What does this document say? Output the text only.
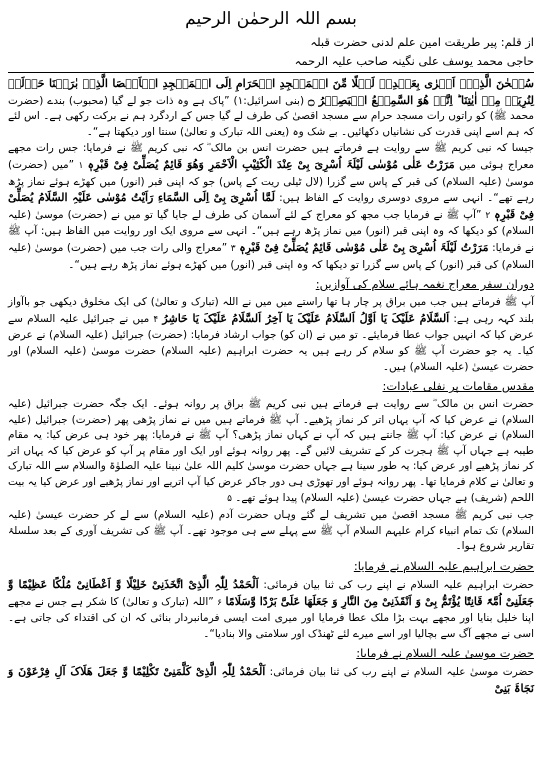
بسم اللہ الرحمٰن الرحیم
از قلم: پیر طریقت امین علم لدنی حضرت قبلہ
حاجی محمد یوسف علی نگینہ صاحب علیہ الرحمہ

سُبۡحٰنَ الَّذِیۡۤ اَسۡرٰی بِعَبۡدِہٖ لَیۡلًا مِّنَ الۡمَسۡجِدِ الۡحَرَامِ اِلَی الۡمَسۡجِدِ الۡاَقۡصَا الَّذِیۡ بٰرَکۡنَا حَوۡلَہٗ لِنُرِیَہٗ مِنۡ اٰیٰتِنَا ؕ اِنَّہٗ هُوَ السَّمِیۡعُ الۡبَصِیۡرُ ۝ (بنی اسرائیل:۱) ”پاک ہے وہ ذات جو لے گیا (محبوب) بندے (حضرت محمد ﷺ) کو راتوں رات مسجد حرام سے مسجد اقصیٰ کی طرف لے گیا جس کے اردگرد ہم نے برکت رکھی ہے۔ اس لئے کہ ہم اسے اپنی قدرت کی نشانیاں دکھائیں۔ بے شک وہ (یعنی اللہ تبارک و تعالیٰ) سنتا اور دیکھتا ہے“۔

جیسا کہ نبی کریم ﷺ سے روایت ہے فرماتے ہیں حضرت انس بن مالک ؓ کہ نبی کریم ﷺ نے فرمایا: جس رات مجھے معراج ہوئی میں مَرَرْتُ عَلٰی مُوْسٰی لَیْلَۃَ اُسْرِیَ بِیْ عِنْدَ الْکَثِیْبِ الْاَحْمَرِ وَھُوَ قَائِمٌ یُصَلِّیْ فِیْ قَبْرِہٖ ۱ ”میں (حضرت) موسیٰ (علیہ السلام) کی قبر کے پاس سے گزرا (لال ٹیلی ریت کے پاس) جو کہ اپنی قبر (انور) میں کھڑے ہوئے نماز پڑھ رہے تھے“۔ انہی سے مروی دوسری روایت کے الفاظ ہیں: لَمَّا اُسْرِیَ بِیْ اِلَی السَّمَاءِ رَاَیْتُ مُوْسٰی عَلَیْہِ السَّلَامُ یُصَلِّیْ فِیْ قَبْرِہٖ ۲ ”آپ ﷺ نے فرمایا جب مجھ کو معراج کے لئے آسمان کی طرف لے جایا گیا تو میں نے (حضرت) موسیٰ (علیہ السلام) کو دیکھا کہ وہ اپنی قبر (انور) میں نماز پڑھ رہے ہیں“۔ انہی سے مروی ایک اور روایت میں الفاظ ہیں: آپ ﷺ نے فرمایا: مَرَرْتُ لَیْلَۃَ اُسْرِیَ بِیْ عَلٰی مُوْسٰی قَائِمٌ یُصَلِّیْ فِیْ قَبْرِہٖ ۳ ”معراج والی رات جب میں (حضرت) موسیٰ (علیہ السلام) کی قبر (انور) کے پاس سے گزرا تو دیکھا کہ وہ اپنی قبر (انور) میں کھڑے ہوئے نماز پڑھ رہے ہیں“۔

دوران سفر معراج نغمہ ہائے سلام کی آوازیں:

آپ ﷺ فرماتے ہیں جب میں براق پر چار ہا تھا راستے میں میں نے اللہ (تبارک و تعالیٰ) کی ایک مخلوق دیکھی جو باآواز بلند کہہ رہی ہے: اَلسَّلَامُ عَلَیْکَ یَا اَوَّلُ اَلسَّلَامُ عَلَیْکَ یَا آخِرُ اَلسَّلَامُ عَلَیْکَ یَا حَاشِرُ ۴ میں نے جبرائیل علیہ السلام سے عرض کیا کہ انہیں جواب عطا فرمایئے۔ تو میں نے (ان کو) جواب ارشاد فرمایا: (حضرت) جبرائیل (علیہ السلام) نے عرض کیا۔ یہ جو حضرت آپ ﷺ کو سلام کر رہے ہیں یہ حضرت ابراہیم (علیہ السلام) حضرت موسیٰ (علیہ السلام) اور حضرت عیسیٰ (علیہ السلام) ہیں۔

مقدس مقامات پر نفلی عبادات:

حضرت انس بن مالک ؓ سے روایت ہے فرماتے ہیں نبی کریم ﷺ براق پر روانہ ہوئے۔ ایک جگہ حضرت جبرائیل (علیہ السلام) نے عرض کیا کہ آپ یہاں اتر کر نماز پڑھیے۔ آپ ﷺ فرماتے ہیں میں نے نماز پڑھی پھر (حضرت) جبرائیل (علیہ السلام) نے عرض کیا: آپ ﷺ جانتے ہیں کہ آپ نے کہاں نماز پڑھی؟ آپ ﷺ نے فرمایا: پھر خود ہی عرض کیا: یہ مقام طیبہ ہے جہاں آپ ﷺ ہجرت کر کے تشریف لائیں گے۔ پھر روانہ ہوئے اور ایک اور مقام پر آپ کو عرض کیا کہ یہاں اتر کر نماز پڑھیے اور عرض کیا: یہ طور سینا ہے جہاں حضرت موسیٰ کلیم اللہ علیٰ نبینا علیہ الصلوٰۃ والسلام سے اللہ تبارک و تعالیٰ نے کلام فرمایا تھا۔ پھر روانہ ہوئے اور تھوڑی ہی دور جاکر عرض کیا آپ اتریے اور نماز پڑھیے اور عرض کیا یہ بیت اللحم (شریف) ہے جہاں حضرت عیسیٰ (علیہ السلام) پیدا ہوئے تھے۔ ۵

جب نبی کریم ﷺ مسجد اقصیٰ میں تشریف لے گئے وہاں حضرت آدم (علیہ السلام) سے لے کر حضرت عیسیٰ (علیہ السلام) تک تمام انبیاء کرام علیہم السلام آپ ﷺ سے پہلے سے ہی موجود تھے۔ آپ ﷺ کی تشریف آوری کے بعد سلسلۂ تقاریر شروع ہوا۔

حضرت ابراہیم علیہ السلام نے فرمایا:

حضرت ابراہیم علیہ السلام نے اپنے رب کی ثنا بیان فرمائی: اَلْحَمْدُ لِلّٰہِ الَّذِیْ اتَّخَذَنِیْ خَلِیْلًا وَّ اَعْطَانِیْ مُلْکًا عَظِیْمًا وَّ جَعَلَنِیْ اُمَّۃً قَانِتًا یُؤْتَمُّ بِیْ وَ اَنْقَذَنِیْ مِنَ النَّارِ وَ جَعَلَھَا عَلَیَّ بَرْدًا وَّسَلَامًا ۶ ”اللہ (تبارک و تعالیٰ) کا شکر ہے جس نے مجھے اپنا خلیل بنایا اور مجھے بہت بڑا ملک عطا فرمایا اور میری امت ایسی فرمانبردار بنائی کہ ان کی اقتداء کی جاتی ہے۔ اسی نے مجھے آگ سے بچالیا اور اسے میرے لئے ٹھنڈک اور سلامتی والا بنادیا“۔

حضرت موسیٰ علیہ السلام نے فرمایا:

حضرت موسیٰ علیہ السلام نے اپنے رب کی ثنا بیان فرمائی: اَلْحَمْدُ لِلّٰہِ الَّذِیْ کَلَّمَنِیْ تَکْلِیْمًا وَّ جَعَلَ ھَلَاکَ آلِ فِرْعَوْنَ وَ نَجَاۃَ بَنِیْ
